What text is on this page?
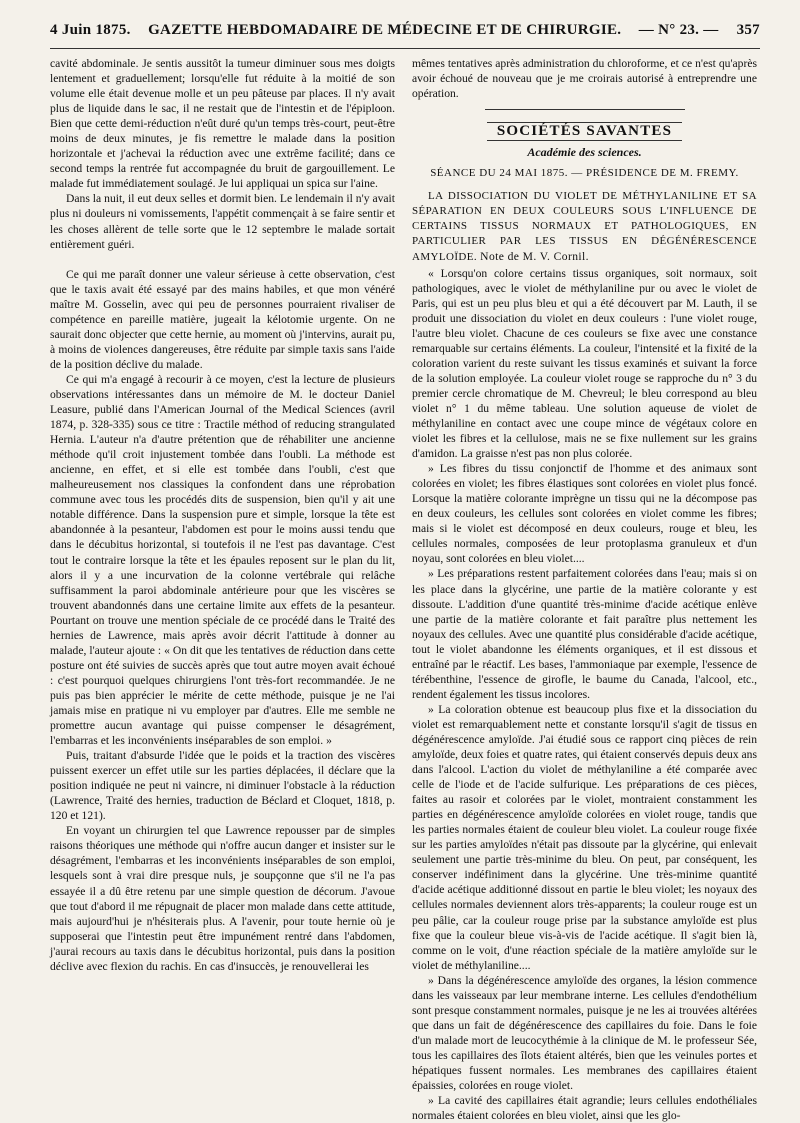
4 Juin 1875. GAZETTE HEBDOMADAIRE DE MÉDECINE ET DE CHIRURGIE. — N° 23. — 357

cavité abdominale. Je sentis aussitôt la tumeur diminuer sous mes doigts lentement et graduellement; lorsqu'elle fut réduite à la moitié de son volume elle était devenue molle et un peu pâteuse par places. Il n'y avait plus de liquide dans le sac, il ne restait que de l'intestin et de l'épiploon. Bien que cette demi-réduction n'eût duré qu'un temps très-court, peut-être moins de deux minutes, je fis remettre le malade dans la position horizontale et j'achevai la réduction avec une extrême facilité; dans ce second temps la rentrée fut accompagnée du bruit de gargouillement. Le malade fut immédiatement soulagé. Je lui appliquai un spica sur l'aine.

Dans la nuit, il eut deux selles et dormit bien. Le lendemain il n'y avait plus ni douleurs ni vomissements, l'appétit commençait à se faire sentir et les choses allèrent de telle sorte que le 12 septembre le malade sortait entièrement guéri.

Ce qui me paraît donner une valeur sérieuse à cette observation, c'est que le taxis avait été essayé par des mains habiles, et que mon vénéré maître M. Gosselin, avec qui peu de personnes pourraient rivaliser de compétence en pareille matière, jugeait la kélotomie urgente. On ne saurait donc objecter que cette hernie, au moment où j'intervins, aurait pu, à moins de violences dangereuses, être réduite par simple taxis sans l'aide de la position déclive du malade.

Ce qui m'a engagé à recourir à ce moyen, c'est la lecture de plusieurs observations intéressantes dans un mémoire de M. le docteur Daniel Leasure, publié dans l'American Journal of the Medical Sciences (avril 1874, p. 328-335) sous ce titre : Tractile méthod of reducing strangulated Hernia. L'auteur n'a d'autre prétention que de réhabiliter une ancienne méthode qu'il croit injustement tombée dans l'oubli. La méthode est ancienne, en effet, et si elle est tombée dans l'oubli, c'est que malheureusement nos classiques la confondent dans une réprobation commune avec tous les procédés dits de suspension, bien qu'il y ait une notable différence. Dans la suspension pure et simple, lorsque la tête est abandonnée à la pesanteur, l'abdomen est pour le moins aussi tendu que dans le décubitus horizontal, si toutefois il ne l'est pas davantage. C'est tout le contraire lorsque la tête et les épaules reposent sur le plan du lit, alors il y a une incurvation de la colonne vertébrale qui relâche suffisamment la paroi abdominale antérieure pour que les viscères se trouvent abandonnés dans une certaine limite aux effets de la pesanteur. Pourtant on trouve une mention spéciale de ce procédé dans le Traité des hernies de Lawrence, mais après avoir décrit l'attitude à donner au malade, l'auteur ajoute : « On dit que les tentatives de réduction dans cette posture ont été suivies de succès après que tout autre moyen avait échoué : c'est pourquoi quelques chirurgiens l'ont très-fort recommandée. Je ne puis pas bien apprécier le mérite de cette méthode, puisque je ne l'ai jamais mise en pratique ni vu employer par d'autres. Elle me semble ne promettre aucun avantage qui puisse compenser le désagrément, l'embarras et les inconvénients inséparables de son emploi. »

Puis, traitant d'absurde l'idée que le poids et la traction des viscères puissent exercer un effet utile sur les parties déplacées, il déclare que la position indiquée ne peut ni vaincre, ni diminuer l'obstacle à la réduction (Lawrence, Traité des hernies, traduction de Béclard et Cloquet, 1818, p. 120 et 121).

En voyant un chirurgien tel que Lawrence repousser par de simples raisons théoriques une méthode qui n'offre aucun danger et insister sur le désagrément, l'embarras et les inconvénients inséparables de son emploi, lesquels sont à vrai dire presque nuls, je soupçonne que s'il ne l'a pas essayée il a dû être retenu par une simple question de décorum. J'avoue que tout d'abord il me répugnait de placer mon malade dans cette attitude, mais aujourd'hui je n'hésiterais plus. A l'avenir, pour toute hernie où je supposerai que l'intestin peut être impunément rentré dans l'abdomen, j'aurai recours au taxis dans le décubitus horizontal, puis dans la position déclive avec flexion du rachis. En cas d'insuccès, je renouvellerai les

mêmes tentatives après administration du chloroforme, et ce n'est qu'après avoir échoué de nouveau que je me croirais autorisé à entreprendre une opération.

SOCIÉTÉS SAVANTES
Académie des sciences.
SÉANCE DU 24 MAI 1875. — PRÉSIDENCE DE M. FREMY.

LA DISSOCIATION DU VIOLET DE MÉTHYLANILINE ET SA SÉPARATION EN DEUX COULEURS SOUS L'INFLUENCE DE CERTAINS TISSUS NORMAUX ET PATHOLOGIQUES, EN PARTICULIER PAR LES TISSUS EN DÉGÉNÉRESCENCE AMYLOÏDE. Note de M. V. Cornil.

« Lorsqu'on colore certains tissus organiques, soit normaux, soit pathologiques, avec le violet de méthylaniline pur ou avec le violet de Paris, qui est un peu plus bleu et qui a été découvert par M. Lauth, il se produit une dissociation du violet en deux couleurs : l'une violet rouge, l'autre bleu violet. Chacune de ces couleurs se fixe avec une constance remarquable sur certains éléments. La couleur, l'intensité et la fixité de la coloration varient du reste suivant les tissus examinés et suivant la force de la solution employée. La couleur violet rouge se rapproche du n° 3 du premier cercle chromatique de M. Chevreul; le bleu correspond au bleu violet n° 1 du même tableau. Une solution aqueuse de violet de méthylaniline en contact avec une coupe mince de végétaux colore en violet les fibres et la cellulose, mais ne se fixe nullement sur les grains d'amidon. La graisse n'est pas non plus colorée.

» Les fibres du tissu conjonctif de l'homme et des animaux sont colorées en violet; les fibres élastiques sont colorées en violet plus foncé. Lorsque la matière colorante imprègne un tissu qui ne la décompose pas en deux couleurs, les cellules sont colorées en violet comme les fibres; mais si le violet est décomposé en deux couleurs, rouge et bleu, les cellules normales, composées de leur protoplasma granuleux et d'un noyau, sont colorées en bleu violet....

» Les préparations restent parfaitement colorées dans l'eau; mais si on les place dans la glycérine, une partie de la matière colorante y est dissoute. L'addition d'une quantité très-minime d'acide acétique enlève une partie de la matière colorante et fait paraître plus nettement les noyaux des cellules. Avec une quantité plus considérable d'acide acétique, tout le violet abandonne les éléments organiques, et il est dissous et entraîné par le réactif. Les bases, l'ammoniaque par exemple, l'essence de térébenthine, l'essence de girofle, le baume du Canada, l'alcool, etc., rendent également les tissus incolores.

» La coloration obtenue est beaucoup plus fixe et la dissociation du violet est remarquablement nette et constante lorsqu'il s'agit de tissus en dégénérescence amyloïde. J'ai étudié sous ce rapport cinq pièces de rein amyloïde, deux foies et quatre rates, qui étaient conservés depuis deux ans dans l'alcool. L'action du violet de méthylaniline a été comparée avec celle de l'iode et de l'acide sulfurique. Les préparations de ces pièces, faites au rasoir et colorées par le violet, montraient constamment les parties en dégénérescence amyloïde colorées en violet rouge, tandis que les parties normales étaient de couleur bleu violet. La couleur rouge fixée sur les parties amyloïdes n'était pas dissoute par la glycérine, qui enlevait seulement une partie très-minime du bleu. On peut, par conséquent, les conserver indéfiniment dans la glycérine. Une très-minime quantité d'acide acétique additionné dissout en partie le bleu violet; les noyaux des cellules normales deviennent alors très-apparents; la couleur rouge est un peu pâlie, car la couleur rouge prise par la substance amyloïde est plus fixe que la couleur bleue vis-à-vis de l'acide acétique. Il s'agit bien là, comme on le voit, d'une réaction spéciale de la matière amyloïde sur le violet de méthylaniline....

» Dans la dégénérescence amyloïde des organes, la lésion commence dans les vaisseaux par leur membrane interne. Les cellules d'endothélium sont presque constamment normales, puisque je ne les ai trouvées altérées que dans un fait de dégénérescence des capillaires du foie. Dans le foie d'un malade mort de leucocythémie à la clinique de M. le professeur Sée, tous les capillaires des îlots étaient altérés, bien que les veinules portes et hépatiques fussent normales. Les membranes des capillaires étaient épaissies, colorées en rouge violet.

» La cavité des capillaires était agrandie; leurs cellules endothéliales normales étaient colorées en bleu violet, ainsi que les glo-
